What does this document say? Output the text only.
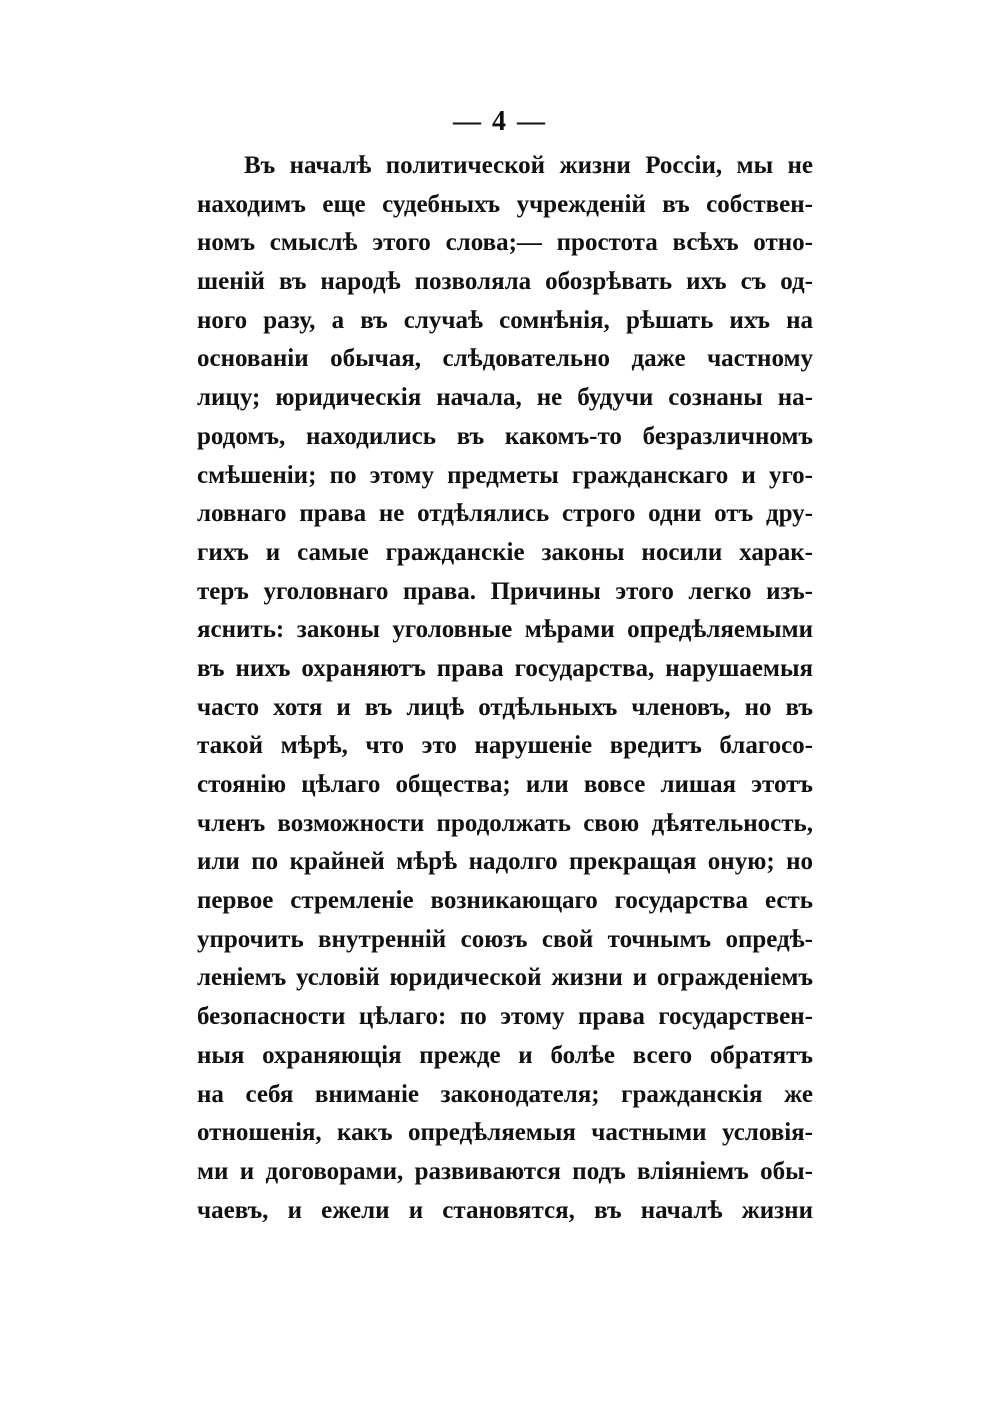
— 4 —
Въ началѣ политической жизни Россіи, мы не
находимъ еще судебныхъ учрежденій въ собствен-
номъ смыслѣ этого слова;— простота всѣхъ отно-
шеній въ народѣ позволяла обозрѣвать ихъ съ од-
ного разу, а въ случаѣ сомнѣнія, рѣшать ихъ на
основаніи обычая, слѣдовательно даже частному
лицу; юридическія начала, не будучи сознаны на-
родомъ, находились въ какомъ-то безразличномъ
смѣшеніи; по этому предметы гражданскаго и уго-
ловнаго права не отдѣлялись строго одни отъ дру-
гихъ и самые гражданскіе законы носили харак-
теръ уголовнаго права. Причины этого легко изъ-
яснить: законы уголовные мѣрами опредѣляемыми
въ нихъ охраняютъ права государства, нарушаемыя
часто хотя и въ лицѣ отдѣльныхъ членовъ, но въ
такой мѣрѣ, что это нарушеніе вредитъ благосо-
стоянію цѣлаго общества; или вовсе лишая этотъ
членъ возможности продолжать свою дѣятельность,
или по крайней мѣрѣ надолго прекращая оную; но
первое стремленіе возникающаго государства есть
упрочить внутренній союзъ свой точнымъ опредѣ-
леніемъ условій юридической жизни и огражденіемъ
безопасности цѣлаго: по этому права государствен-
ныя охраняющія прежде и болѣе всего обратятъ
на себя вниманіе законодателя; гражданскія же
отношенія, какъ опредѣляемыя частными условія-
ми и договорами, развиваются подъ вліяніемъ обы-
чаевъ, и ежели и становятся, въ началѣ жизни
